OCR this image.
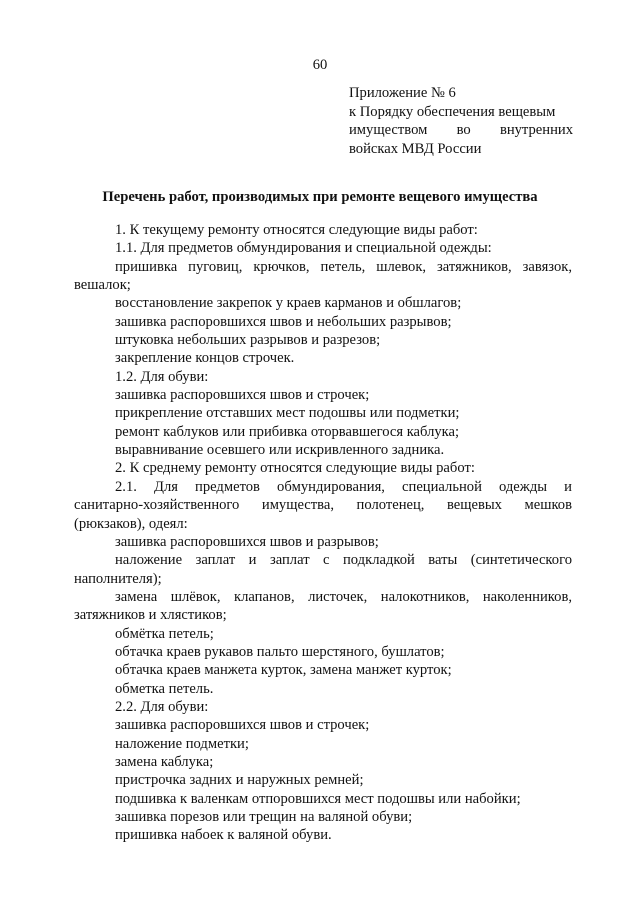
60
Приложение № 6
к Порядку обеспечения вещевым
имуществом во внутренних
войсках МВД России
Перечень работ, производимых при ремонте вещевого имущества
1. К текущему ремонту относятся следующие виды работ:
1.1. Для предметов обмундирования и специальной одежды:
пришивка пуговиц, крючков, петель, шлевок, затяжников, завязок,
вешалок;
восстановление закрепок у краев карманов и обшлагов;
зашивка распоровшихся швов и небольших разрывов;
штуковка небольших разрывов и разрезов;
закрепление концов строчек.
1.2. Для обуви:
зашивка распоровшихся швов и строчек;
прикрепление отставших мест подошвы или подметки;
ремонт каблуков или прибивка оторвавшегося каблука;
выравнивание осевшего или искривленного задника.
2. К среднему ремонту относятся следующие виды работ:
2.1. Для предметов обмундирования, специальной одежды и
санитарно-хозяйственного имущества, полотенец, вещевых мешков
(рюкзаков), одеял:
зашивка распоровшихся швов и разрывов;
наложение заплат и заплат с подкладкой ваты (синтетического
наполнителя);
замена шлёвок, клапанов, листочек, налокотников, наколенников,
затяжников и хлястиков;
обмётка петель;
обтачка краев рукавов пальто шерстяного, бушлатов;
обтачка краев манжета курток, замена манжет курток;
обметка петель.
2.2. Для обуви:
зашивка распоровшихся швов и строчек;
наложение подметки;
замена каблука;
пристрочка задних и наружных ремней;
подшивка к валенкам отпоровшихся мест подошвы или набойки;
зашивка порезов или трещин на валяной обуви;
пришивка набоек к валяной обуви.
